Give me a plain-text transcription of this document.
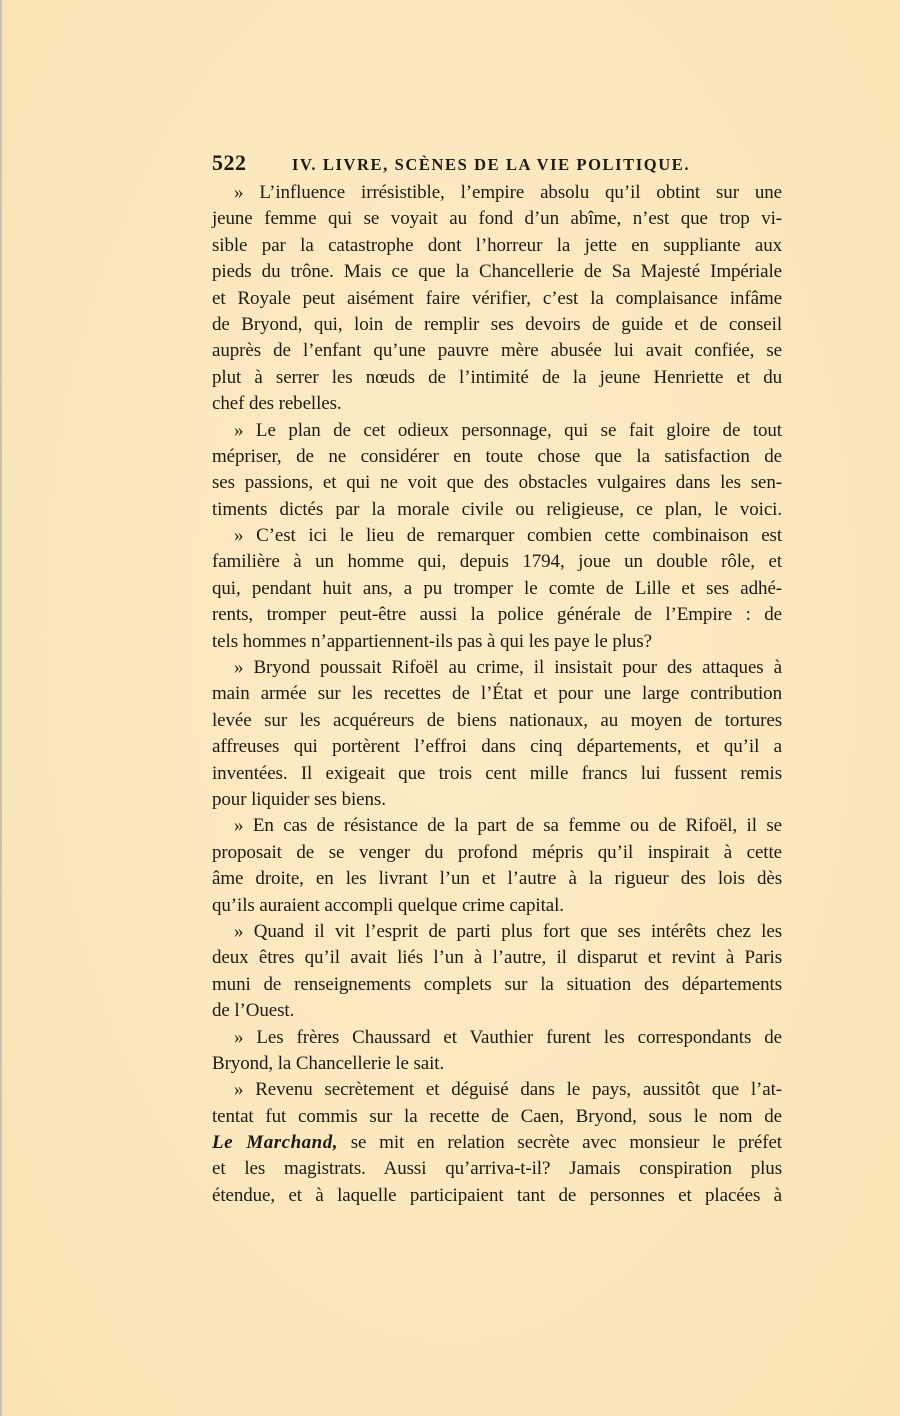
522	IV. LIVRE, SCÈNES DE LA VIE POLITIQUE.
» L’influence irrésistible, l’empire absolu qu’il obtint sur une
jeune femme qui se voyait au fond d’un abîme, n’est que trop vi-
sible par la catastrophe dont l’horreur la jette en suppliante aux
pieds du trône. Mais ce que la Chancellerie de Sa Majesté Impériale
et Royale peut aisément faire vérifier, c’est la complaisance infâme
de Bryond, qui, loin de remplir ses devoirs de guide et de conseil
auprès de l’enfant qu’une pauvre mère abusée lui avait confiée, se
plut à serrer les nœuds de l’intimité de la jeune Henriette et du
chef des rebelles.
» Le plan de cet odieux personnage, qui se fait gloire de tout
mépriser, de ne considérer en toute chose que la satisfaction de
ses passions, et qui ne voit que des obstacles vulgaires dans les sen-
timents dictés par la morale civile ou religieuse, ce plan, le voici.
» C’est ici le lieu de remarquer combien cette combinaison est
familière à un homme qui, depuis 1794, joue un double rôle, et
qui, pendant huit ans, a pu tromper le comte de Lille et ses adhé-
rents, tromper peut-être aussi la police générale de l’Empire : de
tels hommes n’appartiennent-ils pas à qui les paye le plus?
» Bryond poussait Rifoël au crime, il insistait pour des attaques à
main armée sur les recettes de l’État et pour une large contribution
levée sur les acquéreurs de biens nationaux, au moyen de tortures
affreuses qui portèrent l’effroi dans cinq départements, et qu’il a
inventées. Il exigeait que trois cent mille francs lui fussent remis
pour liquider ses biens.
» En cas de résistance de la part de sa femme ou de Rifoël, il se
proposait de se venger du profond mépris qu’il inspirait à cette
âme droite, en les livrant l’un et l’autre à la rigueur des lois dès
qu’ils auraient accompli quelque crime capital.
» Quand il vit l’esprit de parti plus fort que ses intérêts chez les
deux êtres qu’il avait liés l’un à l’autre, il disparut et revint à Paris
muni de renseignements complets sur la situation des départements
de l’Ouest.
» Les frères Chaussard et Vauthier furent les correspondants de
Bryond, la Chancellerie le sait.
» Revenu secrètement et déguisé dans le pays, aussitôt que l’at-
tentat fut commis sur la recette de Caen, Bryond, sous le nom de
Le Marchand, se mit en relation secrète avec monsieur le préfet
et les magistrats. Aussi qu’arriva-t-il? Jamais conspiration plus
étendue, et à laquelle participaient tant de personnes et placées à
